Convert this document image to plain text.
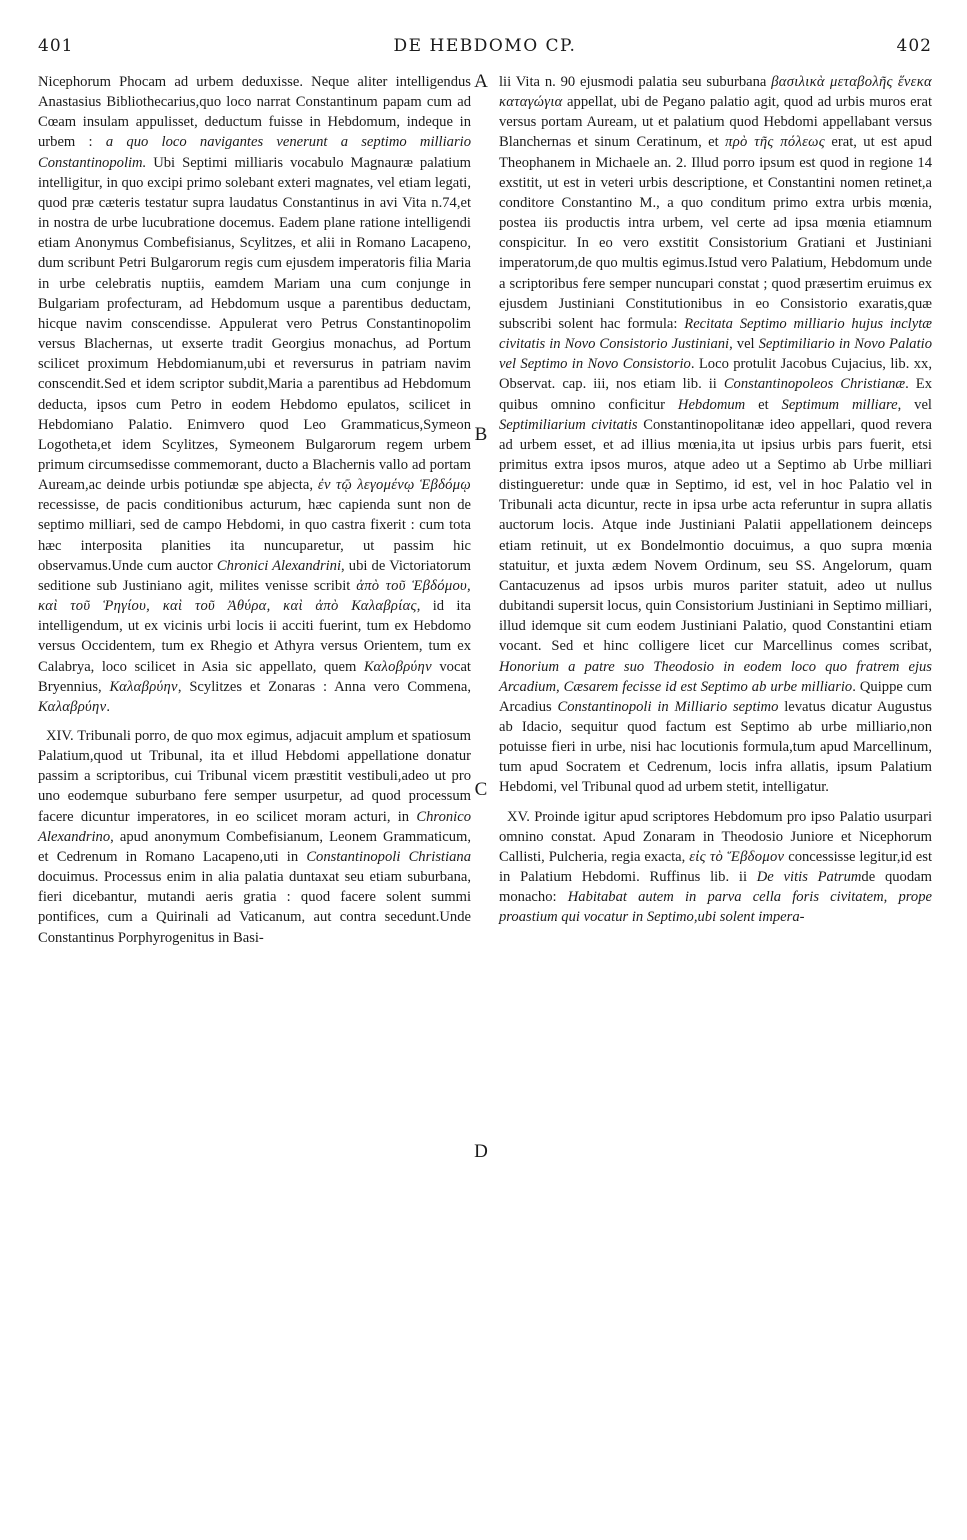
401	DE HEBDOMO CP.	402
A
B
C
D

Nicephorum Phocam ad urbem deduxisse. Neque aliter intelligendus Anastasius Bibliothecarius,quo loco narrat Constantinum papam cum ad Cœam insulam appulisset, deductum fuisse in Hebdomum, indeque in urbem : a quo loco navigantes venerunt a septimo milliario Constantinopolim. Ubi Septimi milliaris vocabulo Magnauræ palatium intelligitur, in quo excipi primo solebant exteri magnates, vel etiam legati, quod præ cæteris testatur supra laudatus Constantinus in avi Vita n.74,et in nostra de urbe lucubratione docemus. Eadem plane ratione intelligendi etiam Anonymus Combefisianus, Scylitzes, et alii in Romano Lacapeno, dum scribunt Petri Bulgarorum regis cum ejusdem imperatoris filia Maria in urbe celebratis nuptiis, eamdem Mariam una cum conjunge in Bulgariam profecturam, ad Hebdomum usque a parentibus deductam, hicque navim conscendisse. Appulerat vero Petrus Constantinopolim versus Blachernas, ut exserte tradit Georgius monachus, ad Portum scilicet proximum Hebdomianum,ubi et reversurus in patriam navim conscendit.Sed et idem scriptor subdit,Maria a parentibus ad Hebdomum deducta, ipsos cum Petro in eodem Hebdomo epulatos, scilicet in Hebdomiano Palatio. Enimvero quod Leo Grammaticus,Symeon Logotheta,et idem Scylitzes, Symeonem Bulgarorum regem urbem primum circumsedisse commemorant, ducto a Blachernis vallo ad portam Auream,ac deinde urbis potiundæ spe abjecta, ἐν τῷ λεγομένῳ Ἑβδόμῳ recessisse, de pacis conditionibus acturum, hæc capienda sunt non de septimo milliari, sed de campo Hebdomi, in quo castra fixerit : cum tota hæc interposita planities ita nuncuparetur, ut passim hic observamus.Unde cum auctor Chronici Alexandrini, ubi de Victoriatorum seditione sub Justiniano agit, milites venisse scribit ἀπὸ τοῦ Ἑβδόμου, καὶ τοῦ Ῥηγίου, καὶ τοῦ Ἀθύρα, καὶ ἀπὸ Καλαβρίας, id ita intelligendum, ut ex vicinis urbi locis ii acciti fuerint, tum ex Hebdomo versus Occidentem, tum ex Rhegio et Athyra versus Orientem, tum ex Calabrya, loco scilicet in Asia sic appellato, quem Καλοβρύην vocat Bryennius, Καλαβρύην, Scylitzes et Zonaras : Anna vero Commena, Καλαβρύην.

XIV. Tribunali porro, de quo mox egimus, adjacuit amplum et spatiosum Palatium,quod ut Tribunal, ita et illud Hebdomi appellatione donatur passim a scriptoribus, cui Tribunal vicem præstitit vestibuli,adeo ut pro uno eodemque suburbano fere semper usurpetur, ad quod processum facere dicuntur imperatores, in eo scilicet moram acturi, in Chronico Alexandrino, apud anonymum Combefisianum, Leonem Grammaticum, et Cedrenum in Romano Lacapeno,uti in Constantinopoli Christiana docuimus. Processus enim in alia palatia duntaxat seu etiam suburbana, fieri dicebantur, mutandi aeris gratia : quod facere solent summi pontifices, cum a Quirinali ad Vaticanum, aut contra secedunt.Unde Constantinus Porphyrogenitus in Basi-

lii Vita n. 90 ejusmodi palatia seu suburbana βασιλικὰ μεταβολῆς ἕνεκα καταγώγια appellat, ubi de Pegano palatio agit, quod ad urbis muros erat versus portam Auream, ut et palatium quod Hebdomi appellabant versus Blanchernas et sinum Ceratinum, et πρὸ τῆς πόλεως erat, ut est apud Theophanem in Michaele an. 2. Illud porro ipsum est quod in regione 14 exstitit, ut est in veteri urbis descriptione, et Constantini nomen retinet,a conditore Constantino M., a quo conditum primo extra urbis mœnia, postea iis productis intra urbem, vel certe ad ipsa mœnia etiamnum conspicitur. In eo vero exstitit Consistorium Gratiani et Justiniani imperatorum,de quo multis egimus.Istud vero Palatium, Hebdomum unde a scriptoribus fere semper nuncupari constat ; quod præsertim eruimus ex ejusdem Justiniani Constitutionibus in eo Consistorio exaratis,quæ subscribi solent hac formula: Recitata Septimo milliario hujus inclytæ civitatis in Novo Consistorio Justiniani, vel Septimiliario in Novo Palatio vel Septimo in Novo Consistorio. Loco protulit Jacobus Cujacius, lib. xx, Observat. cap. iii, nos etiam lib. ii Constantinopoleos Christianæ. Ex quibus omnino conficitur Hebdomum et Septimum milliare, vel Septimiliarium civitatis Constantinopolitanæ ideo appellari, quod revera ad urbem esset, et ad illius mœnia,ita ut ipsius urbis pars fuerit, etsi primitus extra ipsos muros, atque adeo ut a Septimo ab Urbe milliari distingueretur: unde quæ in Septimo, id est, vel in hoc Palatio vel in Tribunali acta dicuntur, recte in ipsa urbe acta referuntur in supra allatis auctorum locis. Atque inde Justiniani Palatii appellationem deinceps etiam retinuit, ut ex Bondelmontio docuimus, a quo supra mœnia statuitur, et juxta ædem Novem Ordinum, seu SS. Angelorum, quam Cantacuzenus ad ipsos urbis muros pariter statuit, adeo ut nullus dubitandi supersit locus, quin Consistorium Justiniani in Septimo milliari, illud idemque sit cum eodem Justiniani Palatio, quod Constantini etiam vocant. Sed et hinc colligere licet cur Marcellinus comes scribat, Honorium a patre suo Theodosio in eodem loco quo fratrem ejus Arcadium, Cæsarem fecisse id est Septimo ab urbe milliario. Quippe cum Arcadius Constantinopoli in Milliario septimo levatus dicatur Augustus ab Idacio, sequitur quod factum est Septimo ab urbe milliario,non potuisse fieri in urbe, nisi hac locutionis formula,tum apud Marcellinum, tum apud Socratem et Cedrenum, locis infra allatis, ipsum Palatium Hebdomi, vel Tribunal quod ad urbem stetit, intelligatur.

XV. Proinde igitur apud scriptores Hebdomum pro ipso Palatio usurpari omnino constat. Apud Zonaram in Theodosio Juniore et Nicephorum Callisti, Pulcheria, regia exacta, εἰς τὸ Ἕβδομον concessisse legitur,id est in Palatium Hebdomi. Ruffinus lib. ii De vitis Patrumde quodam monacho: Habitabat autem in parva cella foris civitatem, prope proastium qui vocatur in Septimo,ubi solent impera-
